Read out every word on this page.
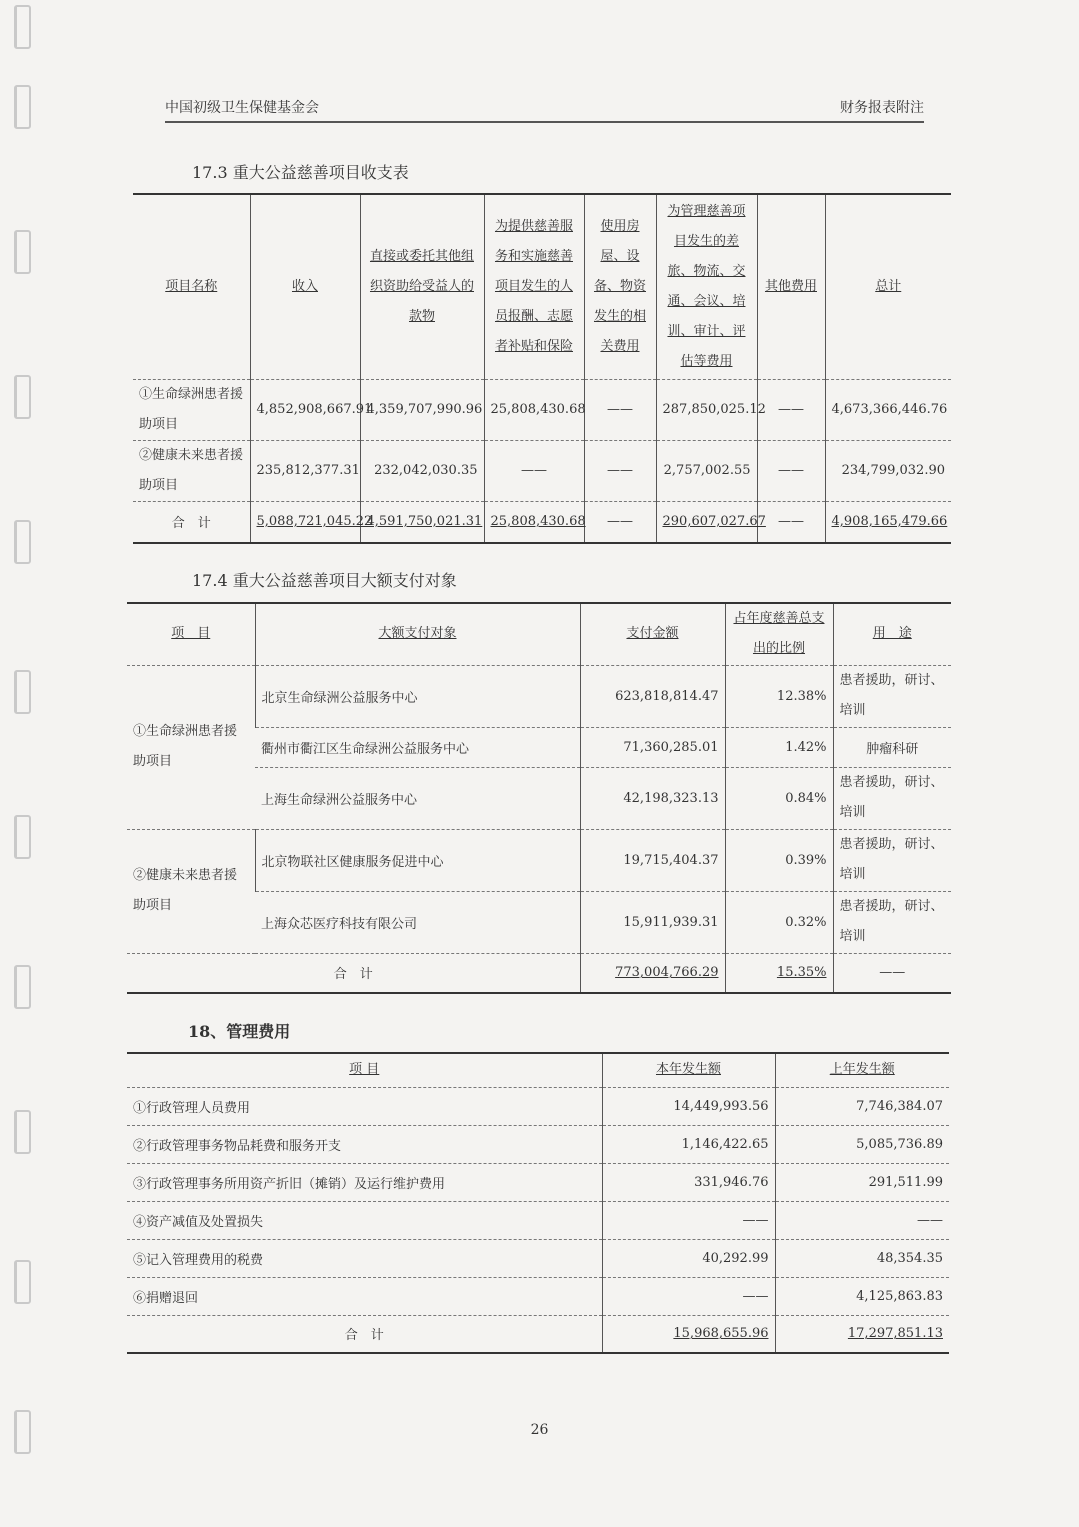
中国初级卫生保健基金会	财务报表附注
17.3 重大公益慈善项目收支表
项目名称	收入	直接或委托其他组织资助给受益人的款物	为提供慈善服务和实施慈善项目发生的人员报酬、志愿者补贴和保险	使用房屋、设备、物资发生的相关费用	为管理慈善项目发生的差旅、物流、交通、会议、培训、审计、评估等费用	其他费用	总计
①生命绿洲患者援助项目	4,852,908,667.91	4,359,707,990.96	25,808,430.68	——	287,850,025.12	——	4,673,366,446.76
②健康未来患者援助项目	235,812,377.31	232,042,030.35	——	——	2,757,002.55	——	234,799,032.90
合　计	5,088,721,045.22	4,591,750,021.31	25,808,430.68	——	290,607,027.67	——	4,908,165,479.66
17.4 重大公益慈善项目大额支付对象
项　目	大额支付对象	支付金额	占年度慈善总支出的比例	用　途
①生命绿洲患者援助项目	北京生命绿洲公益服务中心	623,818,814.47	12.38%	患者援助，研讨、培训
	衢州市衢江区生命绿洲公益服务中心	71,360,285.01	1.42%	肿瘤科研
	上海生命绿洲公益服务中心	42,198,323.13	0.84%	患者援助，研讨、培训
②健康未来患者援助项目	北京物联社区健康服务促进中心	19,715,404.37	0.39%	患者援助，研讨、培训
	上海众芯医疗科技有限公司	15,911,939.31	0.32%	患者援助，研讨、培训
合　计		773,004,766.29	15.35%	——
18、管理费用
项 目	本年发生额	上年发生额
①行政管理人员费用	14,449,993.56	7,746,384.07
②行政管理事务物品耗费和服务开支	1,146,422.65	5,085,736.89
③行政管理事务所用资产折旧（摊销）及运行维护费用	331,946.76	291,511.99
④资产减值及处置损失	——	——
⑤记入管理费用的税费	40,292.99	48,354.35
⑥捐赠退回	——	4,125,863.83
合　计	15,968,655.96	17,297,851.13
26
